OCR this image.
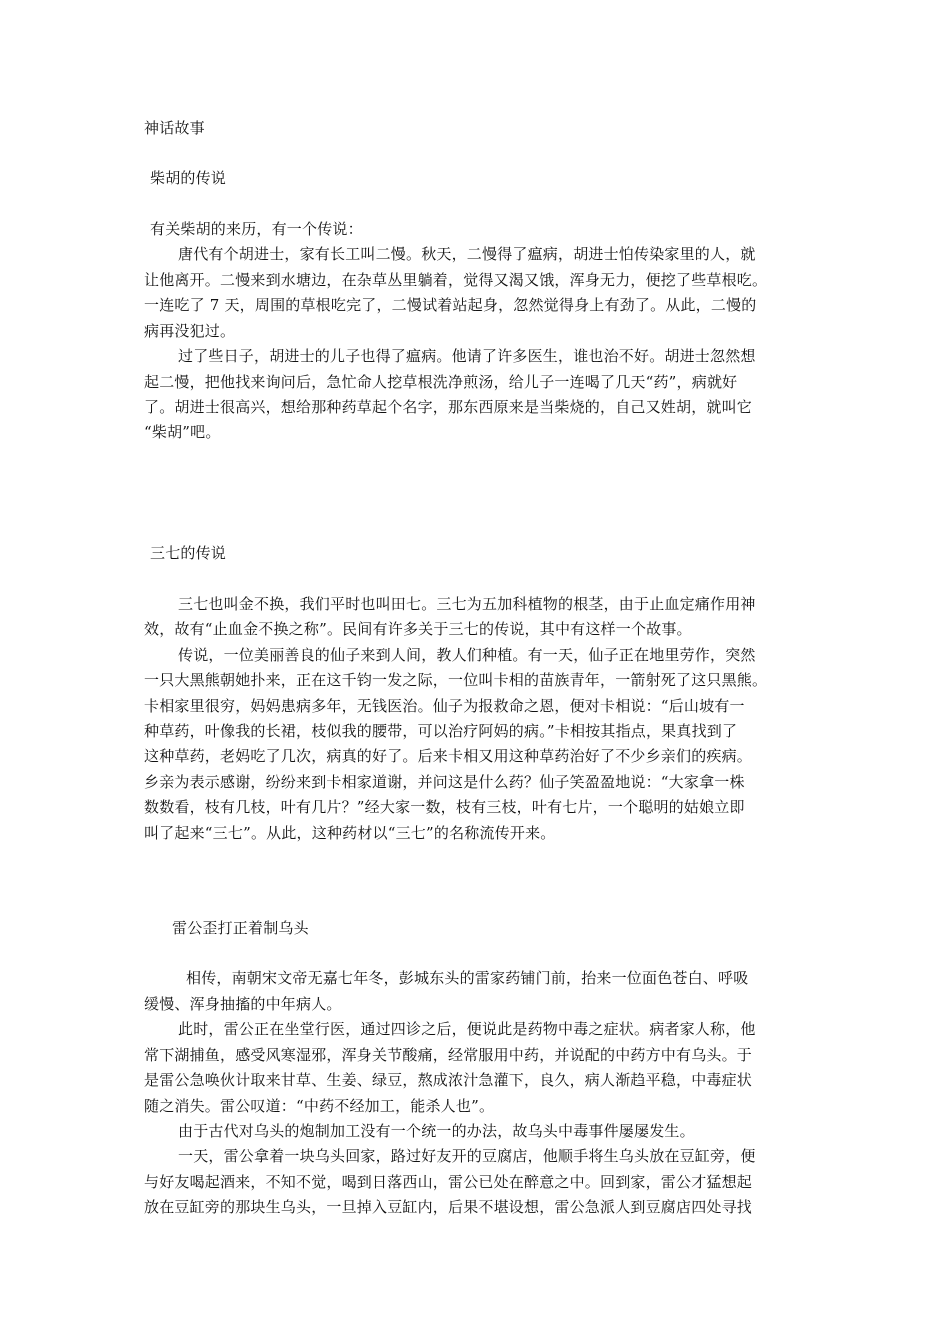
神话故事
柴胡的传说
有关柴胡的来历，有一个传说：
唐代有个胡进士，家有长工叫二慢。秋天，二慢得了瘟病，胡进士怕传染家里的人，就
让他离开。二慢来到水塘边，在杂草丛里躺着，觉得又渴又饿，浑身无力，便挖了些草根吃。
一连吃了 7 天，周围的草根吃完了，二慢试着站起身，忽然觉得身上有劲了。从此，二慢的
病再没犯过。
过了些日子，胡进士的儿子也得了瘟病。他请了许多医生，谁也治不好。胡进士忽然想
起二慢，把他找来询问后，急忙命人挖草根洗净煎汤，给儿子一连喝了几天“药”，病就好
了。胡进士很高兴，想给那种药草起个名字，那东西原来是当柴烧的，自己又姓胡，就叫它
“柴胡”吧。
三七的传说
三七也叫金不换，我们平时也叫田七。三七为五加科植物的根茎，由于止血定痛作用神
效，故有“止血金不换之称”。民间有许多关于三七的传说，其中有这样一个故事。
传说，一位美丽善良的仙子来到人间，教人们种植。有一天，仙子正在地里劳作，突然
一只大黑熊朝她扑来，正在这千钧一发之际，一位叫卡相的苗族青年，一箭射死了这只黑熊。
卡相家里很穷，妈妈患病多年，无钱医治。仙子为报救命之恩，便对卡相说：“后山坡有一
种草药，叶像我的长裙，枝似我的腰带，可以治疗阿妈的病。”卡相按其指点，果真找到了
这种草药，老妈吃了几次，病真的好了。后来卡相又用这种草药治好了不少乡亲们的疾病。
乡亲为表示感谢，纷纷来到卡相家道谢，并问这是什么药？仙子笑盈盈地说：“大家拿一株
数数看，枝有几枝，叶有几片？”经大家一数，枝有三枝，叶有七片，一个聪明的姑娘立即
叫了起来“三七”。从此，这种药材以“三七”的名称流传开来。
雷公歪打正着制乌头
相传，南朝宋文帝无嘉七年冬，彭城东头的雷家药铺门前，抬来一位面色苍白、呼吸
缓慢、浑身抽搐的中年病人。
此时，雷公正在坐堂行医，通过四诊之后，便说此是药物中毒之症状。病者家人称，他
常下湖捕鱼，感受风寒湿邪，浑身关节酸痛，经常服用中药，并说配的中药方中有乌头。于
是雷公急唤伙计取来甘草、生姜、绿豆，熬成浓汁急灌下，良久，病人渐趋平稳，中毒症状
随之消失。雷公叹道：“中药不经加工，能杀人也”。
由于古代对乌头的炮制加工没有一个统一的办法，故乌头中毒事件屡屡发生。
一天，雷公拿着一块乌头回家，路过好友开的豆腐店，他顺手将生乌头放在豆缸旁，便
与好友喝起酒来，不知不觉，喝到日落西山，雷公已处在醉意之中。回到家，雷公才猛想起
放在豆缸旁的那块生乌头，一旦掉入豆缸内，后果不堪设想，雷公急派人到豆腐店四处寻找
